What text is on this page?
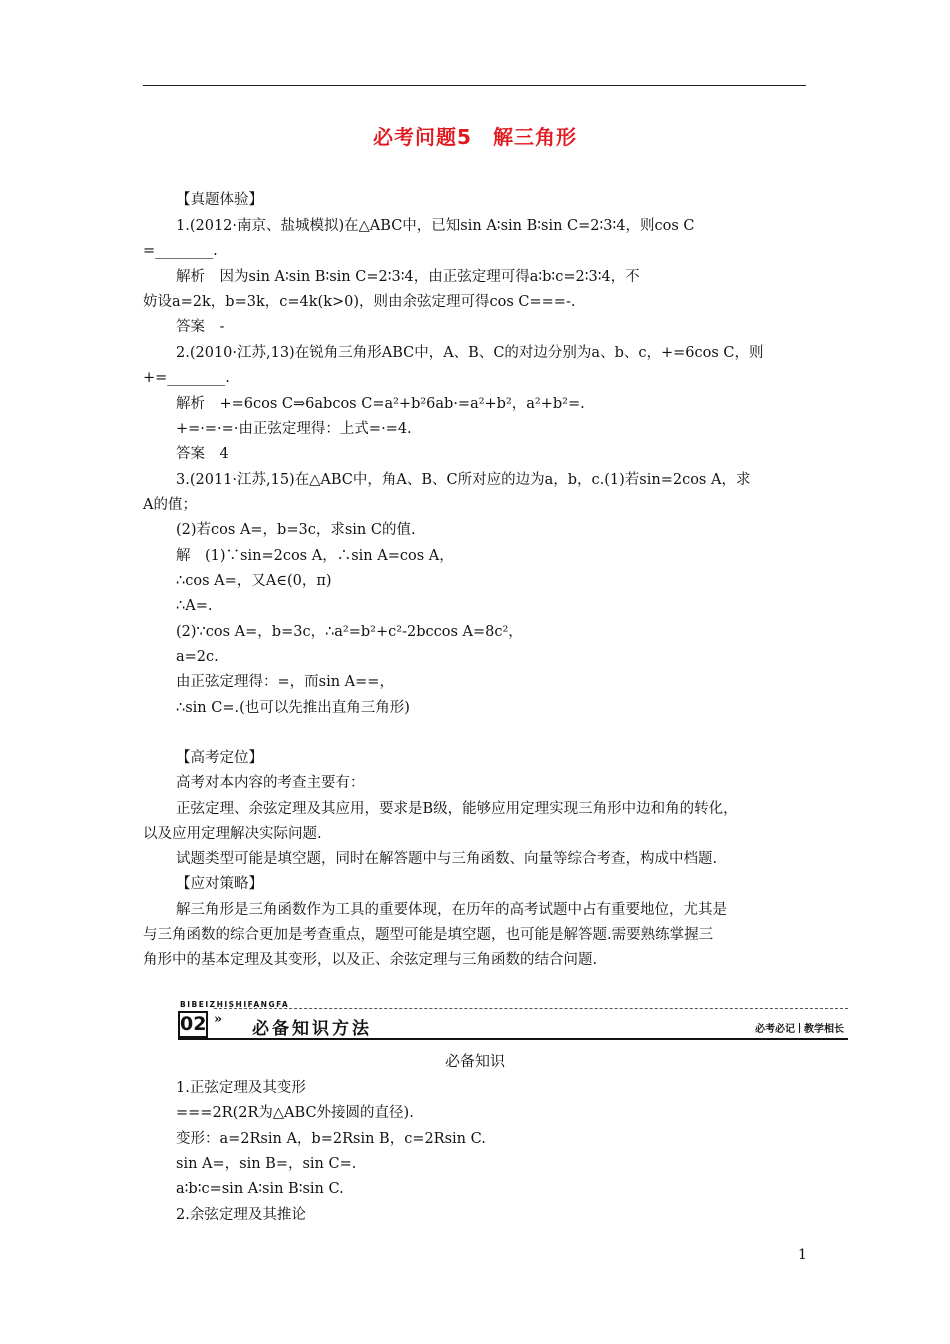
必考问题5　解三角形
【真题体验】
1.(2012·南京、盐城模拟)在△ABC中，已知sin A∶sin B∶sin C=2∶3∶4，则cos C
=________.
解析　因为sin A∶sin B∶sin C=2∶3∶4，由正弦定理可得a∶b∶c=2∶3∶4，不
妨设a=2k，b=3k，c=4k(k>0)，则由余弦定理可得cos C===-.
答案　-
2.(2010·江苏,13)在锐角三角形ABC中，A、B、C的对边分别为a、b、c，+=6cos C，则
+=________.
解析　+=6cos C⇒6abcos C=a²+b²6ab·=a²+b²，a²+b²=.
+=·=·=·由正弦定理得：上式=·=4.
答案　4
3.(2011·江苏,15)在△ABC中，角A、B、C所对应的边为a，b，c.(1)若sin=2cos A，求
A的值；
(2)若cos A=，b=3c，求sin C的值.
解　(1)∵sin=2cos A，∴sin A=cos A，
∴cos A=，又A∈(0，π)
∴A=.
(2)∵cos A=，b=3c，∴a²=b²+c²-2bccos A=8c²，
a=2c.
由正弦定理得：=，而sin A==，
∴sin C=.(也可以先推出直角三角形)
【高考定位】
高考对本内容的考查主要有：
正弦定理、余弦定理及其应用，要求是B级，能够应用定理实现三角形中边和角的转化，
以及应用定理解决实际问题.
试题类型可能是填空题，同时在解答题中与三角函数、向量等综合考查，构成中档题.
【应对策略】
解三角形是三角函数作为工具的重要体现，在历年的高考试题中占有重要地位，尤其是
与三角函数的综合更加是考查重点，题型可能是填空题，也可能是解答题.需要熟练掌握三
角形中的基本定理及其变形，以及正、余弦定理与三角函数的结合问题.
BIBEIZHISHIFANGFA
02 » 必备知识方法	必考必记 教学相长
必备知识
1.正弦定理及其变形
===2R(2R为△ABC外接圆的直径).
变形：a=2Rsin A，b=2Rsin B，c=2Rsin C.
sin A=，sin B=，sin C=.
a∶b∶c=sin A∶sin B∶sin C.
2.余弦定理及其推论
1
